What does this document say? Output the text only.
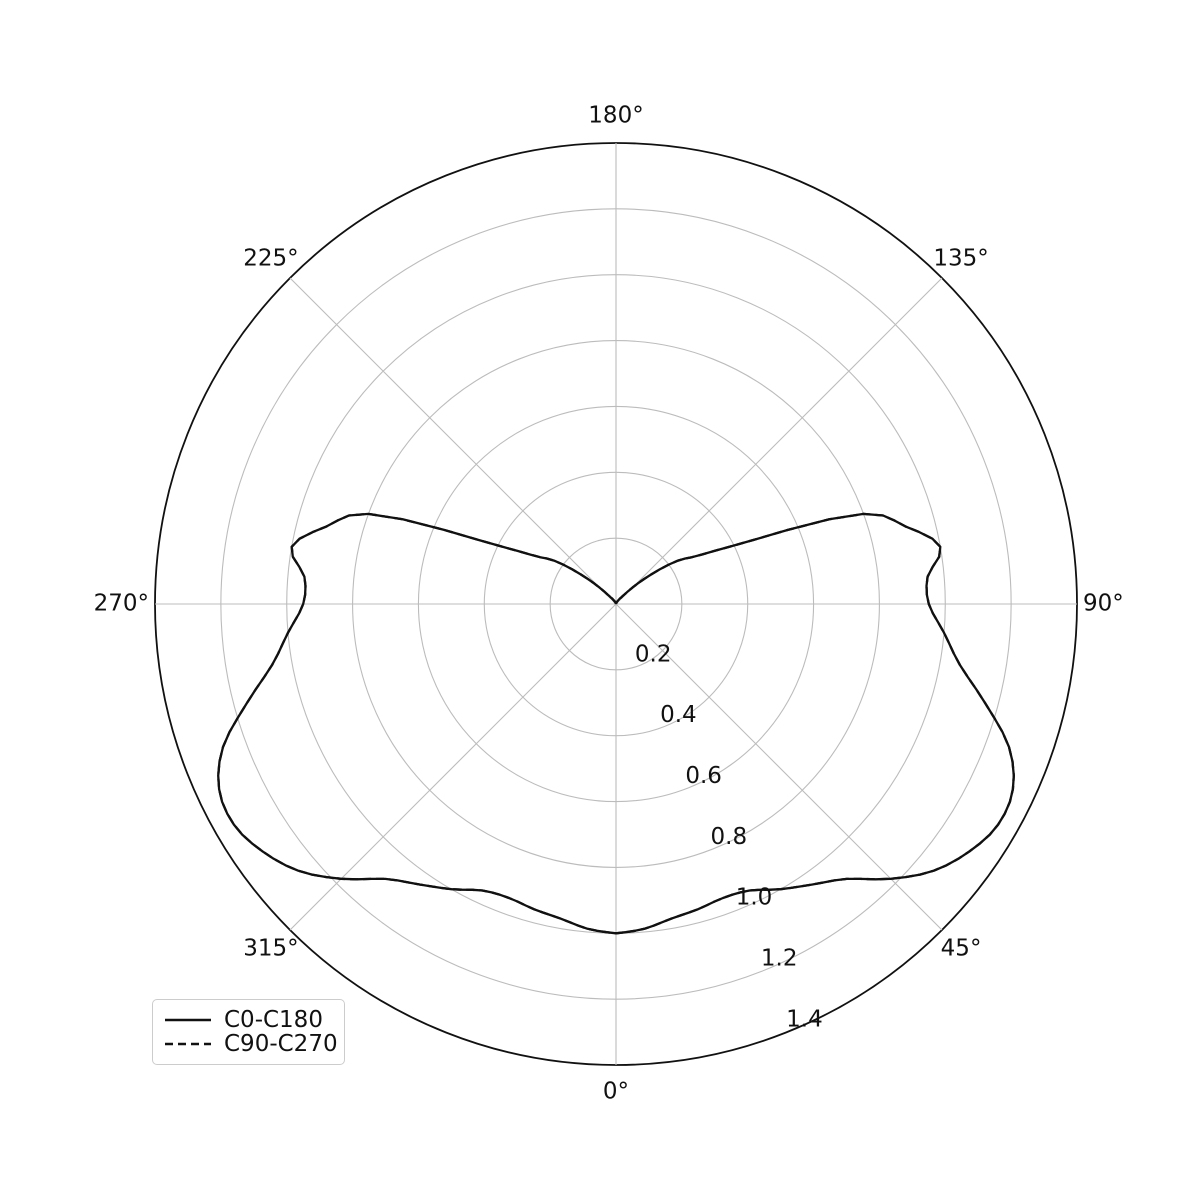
0°
45°
90°
135°
180°
225°
270°
315°
0.2
0.4
0.6
0.8
1.0
1.2
1.4
C0-C180
C90-C270
